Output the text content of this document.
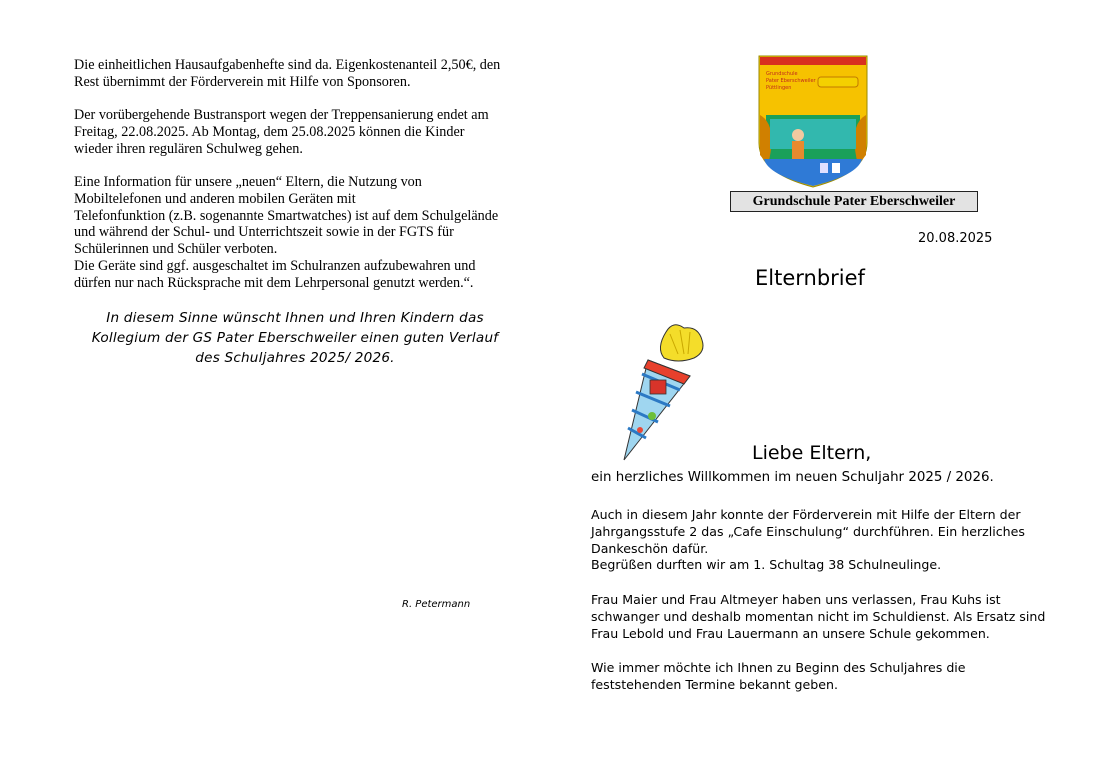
Die einheitlichen Hausaufgabenhefte sind da. Eigenkostenanteil 2,50€, den
Rest übernimmt der Förderverein mit Hilfe von Sponsoren.

Der vorübergehende Bustransport wegen der Treppensanierung endet am
Freitag, 22.08.2025. Ab Montag, dem 25.08.2025 können die Kinder
wieder ihren regulären Schulweg gehen.

Eine Information für unsere „neuen“ Eltern, die Nutzung von
Mobiltelefonen und anderen mobilen Geräten mit
Telefonfunktion (z.B. sogenannte Smartwatches) ist auf dem Schulgelände
und während der Schul- und Unterrichtszeit sowie in der FGTS für
Schülerinnen und Schüler verboten.
Die Geräte sind ggf. ausgeschaltet im Schulranzen aufzubewahren und
dürfen nur nach Rücksprache mit dem Lehrpersonal genutzt werden.“.

In diesem Sinne wünscht Ihnen und Ihren Kindern das
Kollegium der GS Pater Eberschweiler einen guten Verlauf
des Schuljahres 2025/ 2026.
R. Petermann
Grundschule
Pater Eberschweiler
Püttlingen
Grundschule Pater Eberschweiler
20.08.2025
Elternbrief
Liebe Eltern,

ein herzliches Willkommen im neuen Schuljahr 2025 / 2026.

Auch in diesem Jahr konnte der Förderverein mit Hilfe der Eltern der
Jahrgangsstufe 2 das „Cafe Einschulung“ durchführen. Ein herzliches
Dankeschön dafür.
Begrüßen durften wir am 1. Schultag 38 Schulneulinge.

Frau Maier und Frau Altmeyer haben uns verlassen, Frau Kuhs ist
schwanger und deshalb momentan nicht im Schuldienst. Als Ersatz sind
Frau Lebold und Frau Lauermann an unsere Schule gekommen.

Wie immer möchte ich Ihnen zu Beginn des Schuljahres die
feststehenden Termine bekannt geben.
